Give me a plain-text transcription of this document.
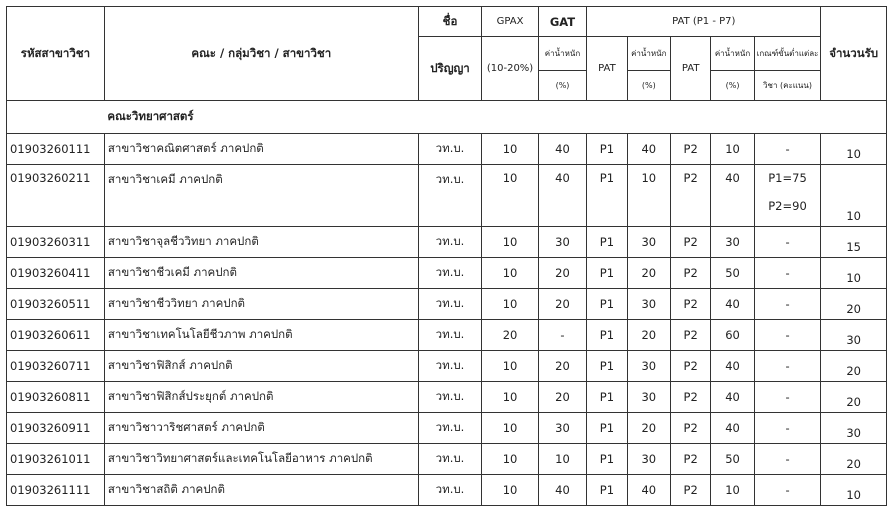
รหัสสาขาวิชา	คณะ / กลุ่มวิชา / สาขาวิชา	ชื่อ	GPAX	GAT	PAT (P1 - P7)					จำนวนรับ
		ปริญญา	(10-20%)	ค่าน้ำหนัก	PAT	ค่าน้ำหนัก	PAT	ค่าน้ำหนัก	เกณฑ์ขั้นต่ำแต่ละ	
				(%)		(%)		(%)	วิชา (คะแนน)	
	คณะวิทยาศาสตร์									
01903260111	สาขาวิชาคณิตศาสตร์ ภาคปกติ	วท.บ.	10	40	P1	40	P2	10	-	10
01903260211	สาขาวิชาเคมี ภาคปกติ	วท.บ.	10	40	P1	10	P2	40	P1=75
P2=90	10
01903260311	สาขาวิชาจุลชีววิทยา ภาคปกติ	วท.บ.	10	30	P1	30	P2	30	-	15
01903260411	สาขาวิชาชีวเคมี ภาคปกติ	วท.บ.	10	20	P1	20	P2	50	-	10
01903260511	สาขาวิชาชีววิทยา ภาคปกติ	วท.บ.	10	20	P1	30	P2	40	-	20
01903260611	สาขาวิชาเทคโนโลยีชีวภาพ ภาคปกติ	วท.บ.	20	-	P1	20	P2	60	-	30
01903260711	สาขาวิชาฟิสิกส์ ภาคปกติ	วท.บ.	10	20	P1	30	P2	40	-	20
01903260811	สาขาวิชาฟิสิกส์ประยุกต์ ภาคปกติ	วท.บ.	10	20	P1	30	P2	40	-	20
01903260911	สาขาวิชาวาริชศาสตร์ ภาคปกติ	วท.บ.	10	30	P1	20	P2	40	-	30
01903261011	สาขาวิชาวิทยาศาสตร์และเทคโนโลยีอาหาร ภาคปกติ	วท.บ.	10	10	P1	30	P2	50	-	20
01903261111	สาขาวิชาสถิติ ภาคปกติ	วท.บ.	10	40	P1	40	P2	10	-	10
